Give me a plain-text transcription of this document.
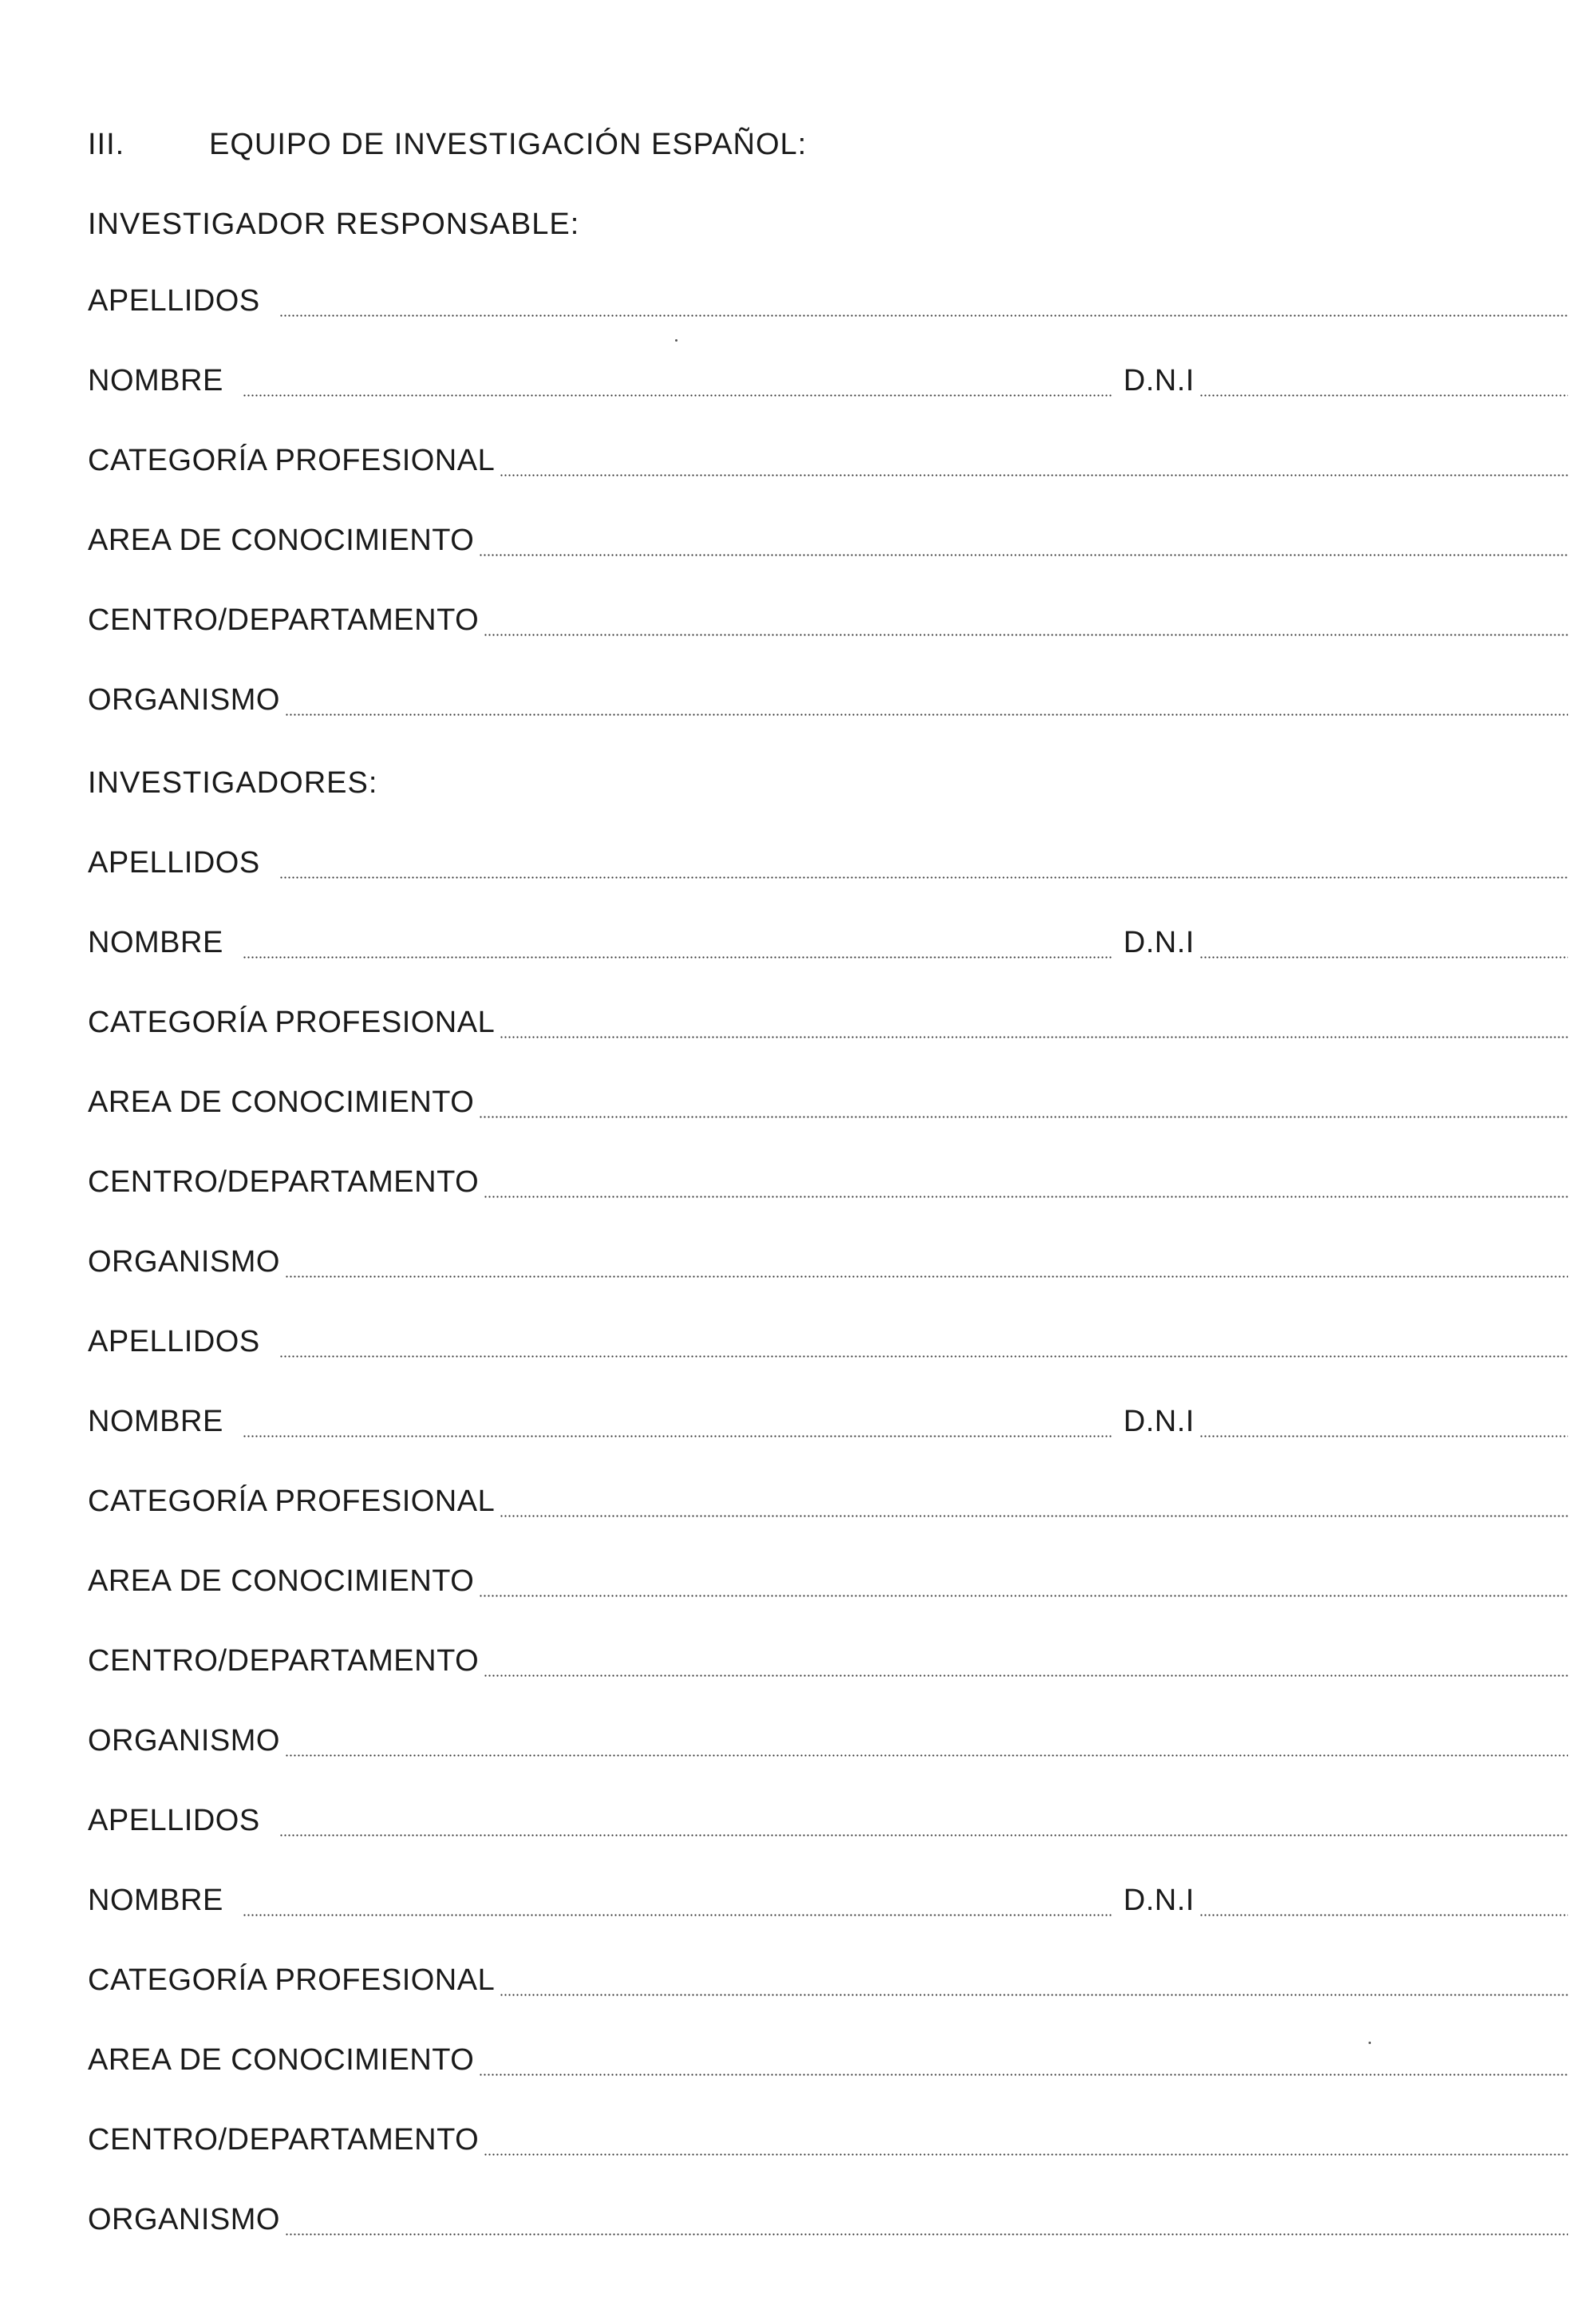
III.	EQUIPO DE INVESTIGACIÓN ESPAÑOL:
INVESTIGADOR RESPONSABLE:
APELLIDOS
NOMBRE	D.N.I
CATEGORÍA PROFESIONAL
AREA DE CONOCIMIENTO
CENTRO/DEPARTAMENTO
ORGANISMO
INVESTIGADORES:
APELLIDOS
NOMBRE	D.N.I
CATEGORÍA PROFESIONAL
AREA DE CONOCIMIENTO
CENTRO/DEPARTAMENTO
ORGANISMO
APELLIDOS
NOMBRE	D.N.I
CATEGORÍA PROFESIONAL
AREA DE CONOCIMIENTO
CENTRO/DEPARTAMENTO
ORGANISMO
APELLIDOS
NOMBRE	D.N.I
CATEGORÍA PROFESIONAL
AREA DE CONOCIMIENTO
CENTRO/DEPARTAMENTO
ORGANISMO
